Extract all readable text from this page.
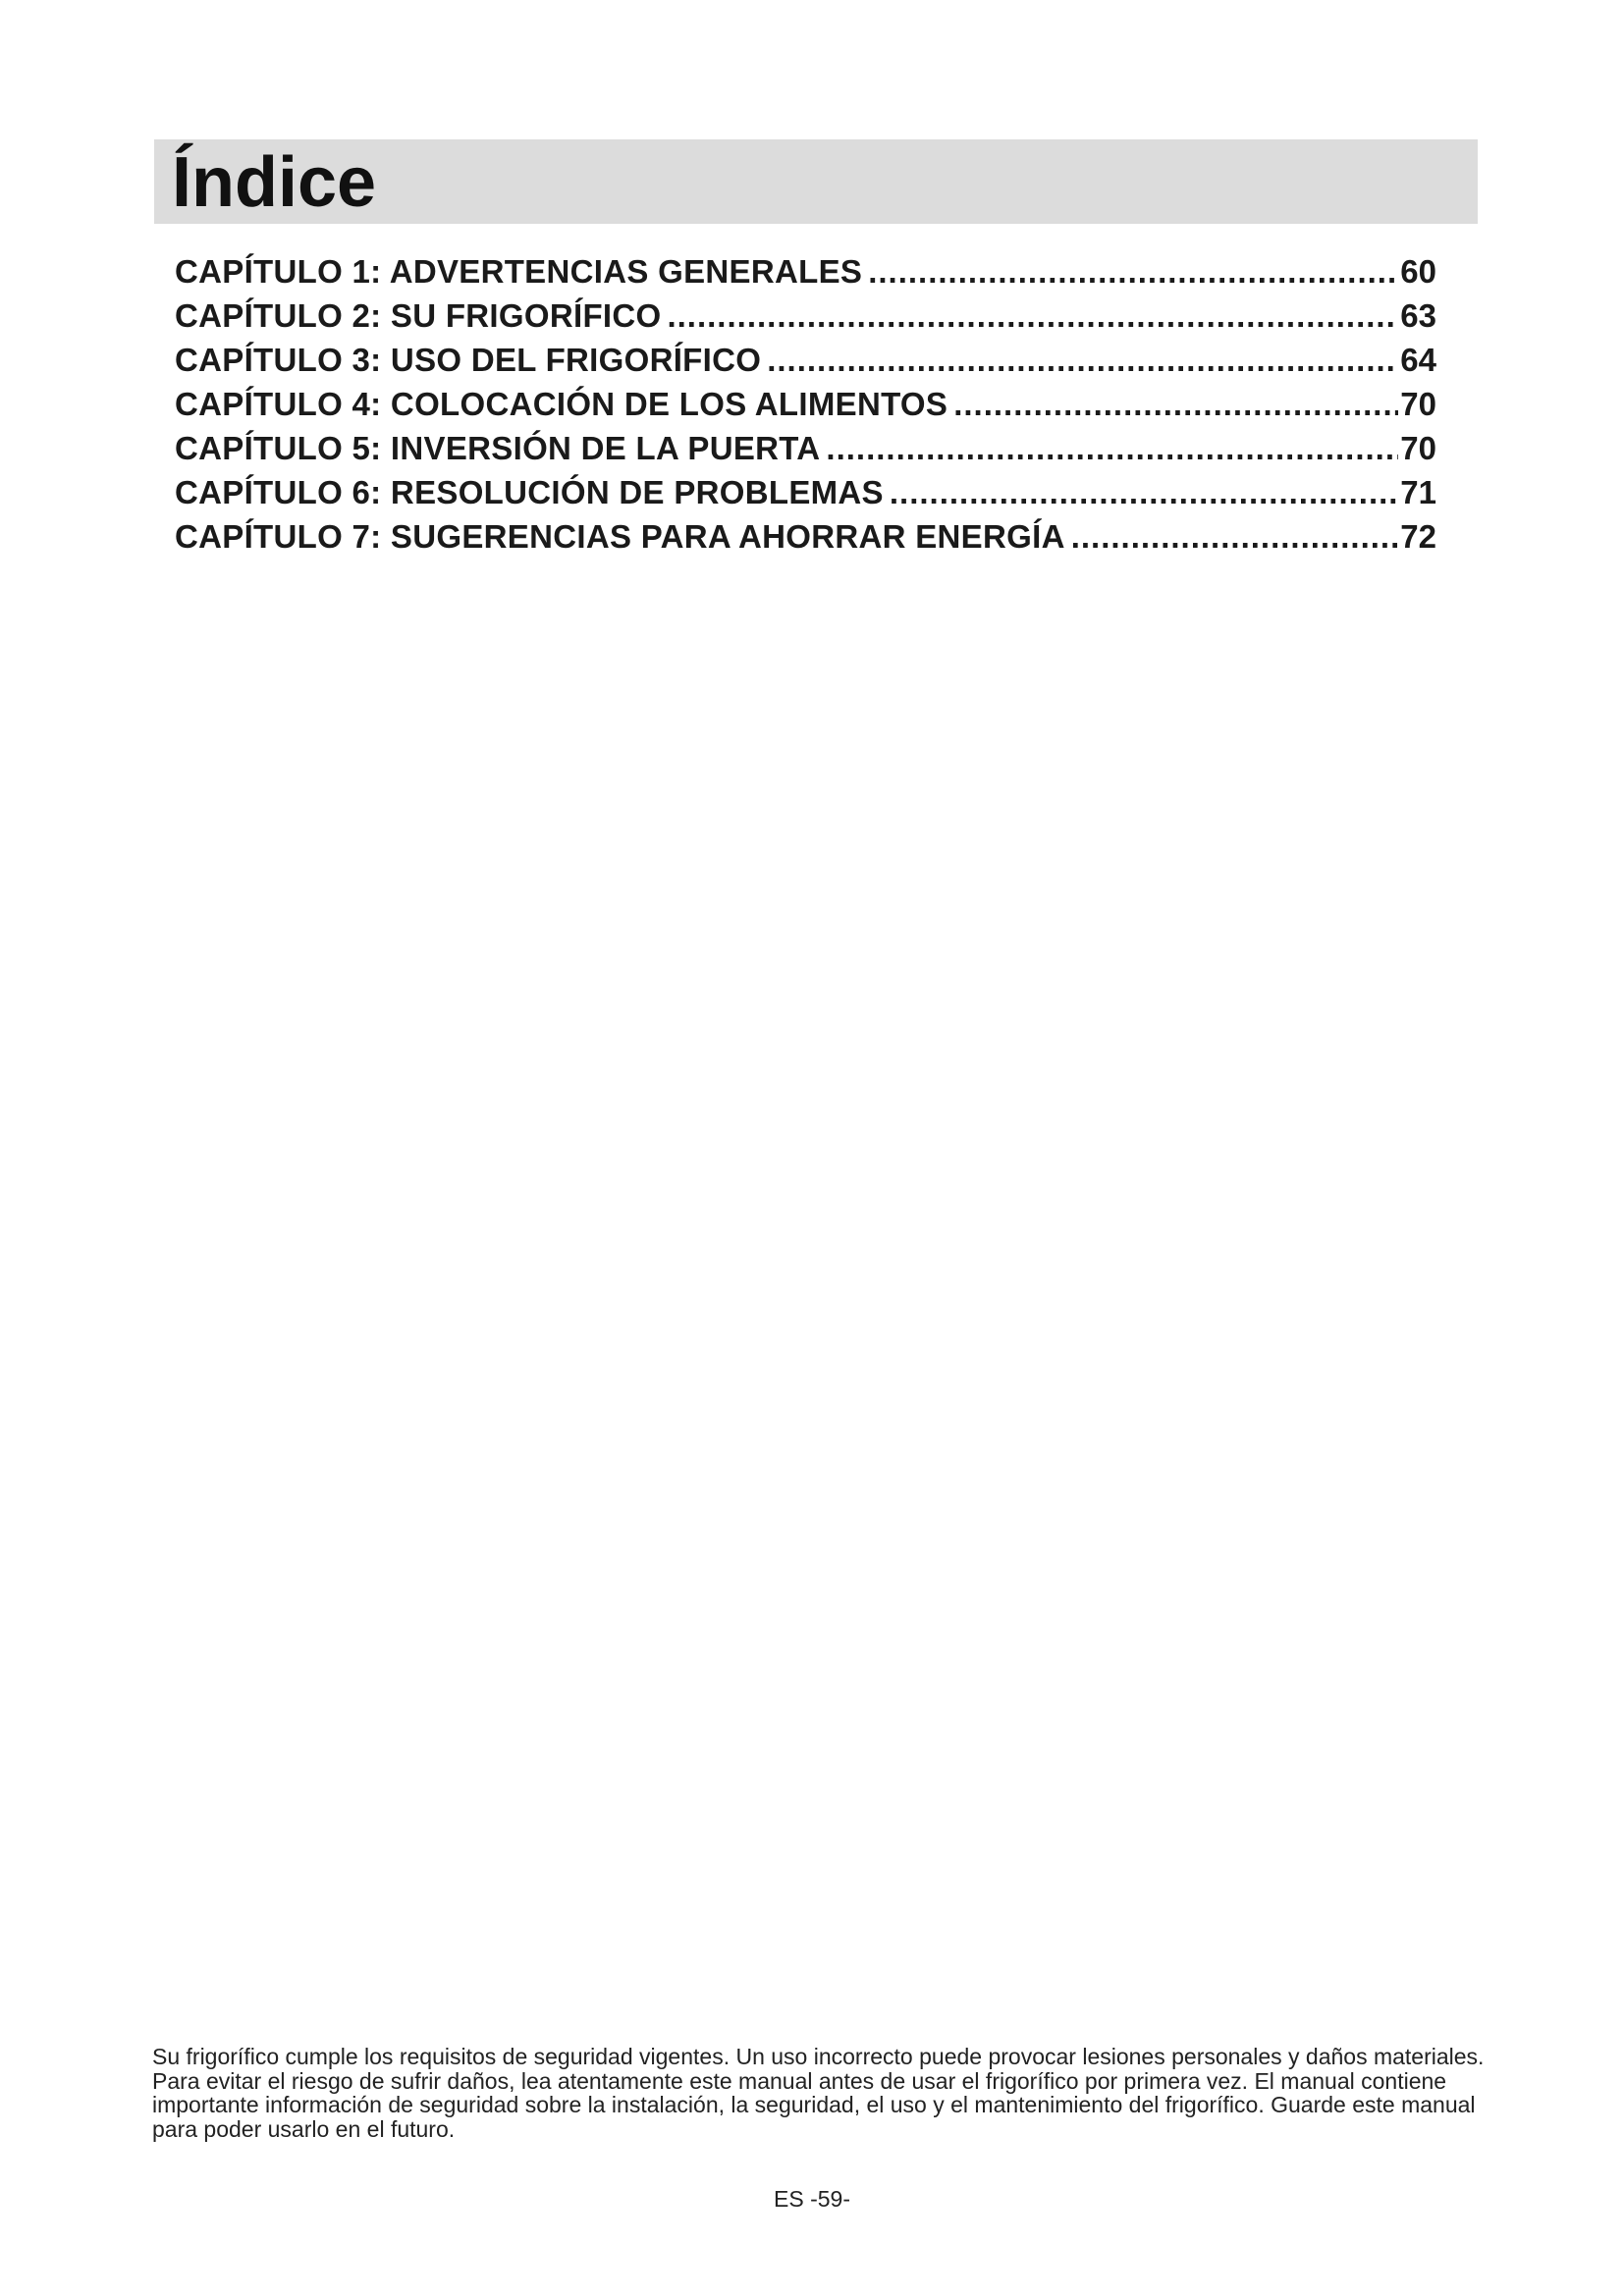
Índice
CAPÍTULO 1: ADVERTENCIAS GENERALES .....	60
CAPÍTULO 2: SU FRIGORÍFICO .....	63
CAPÍTULO 3: USO DEL FRIGORÍFICO .....	64
CAPÍTULO 4: COLOCACIÓN DE LOS ALIMENTOS .....	70
CAPÍTULO 5: INVERSIÓN DE LA PUERTA .....	70
CAPÍTULO 6: RESOLUCIÓN DE PROBLEMAS .....	71
CAPÍTULO 7: SUGERENCIAS PARA AHORRAR ENERGÍA .....	72

Su frigorífico cumple los requisitos de seguridad vigentes. Un uso incorrecto puede provocar lesiones personales y daños materiales. Para evitar el riesgo de sufrir daños, lea atentamente este manual antes de usar el frigorífico por primera vez. El manual contiene importante información de seguridad sobre la instalación, la seguridad, el uso y el mantenimiento del frigorífico. Guarde este manual para poder usarlo en el futuro.

ES -59-
